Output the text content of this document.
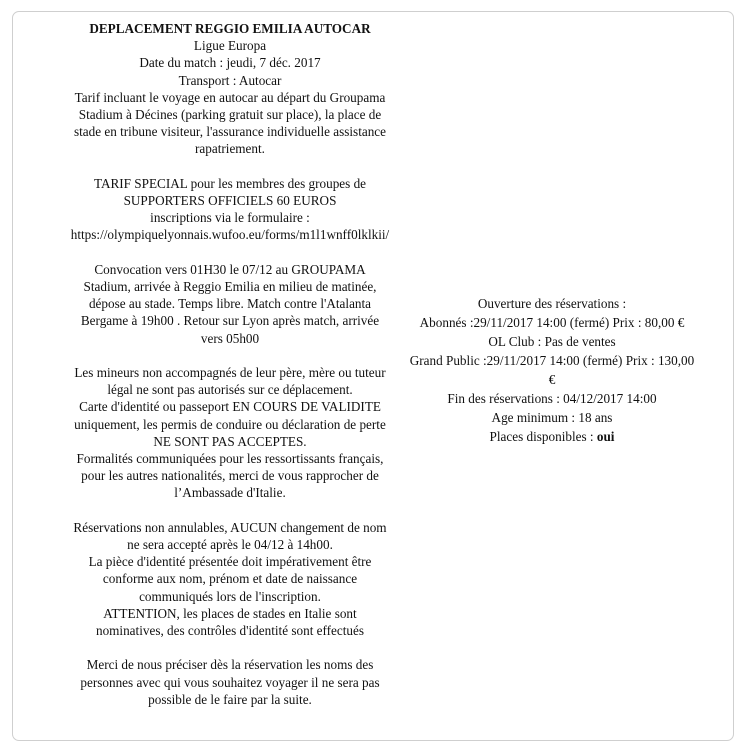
DEPLACEMENT REGGIO EMILIA AUTOCAR
Ligue Europa
Date du match : jeudi, 7 déc. 2017
Transport : Autocar
Tarif incluant le voyage en autocar au départ du Groupama
Stadium à Décines (parking gratuit sur place), la place de
stade en tribune visiteur, l'assurance individuelle assistance
rapatriement.
TARIF SPECIAL pour les membres des groupes de
SUPPORTERS OFFICIELS 60 EUROS
inscriptions via le formulaire :
https://olympiquelyonnais.wufoo.eu/forms/m1l1wnff0lklkii/
Convocation vers 01H30 le 07/12 au GROUPAMA
Stadium, arrivée à Reggio Emilia en milieu de matinée,
dépose au stade. Temps libre. Match contre l'Atalanta
Bergame à 19h00 . Retour sur Lyon après match, arrivée
vers 05h00
Les mineurs non accompagnés de leur père, mère ou tuteur
légal ne sont pas autorisés sur ce déplacement.
Carte d'identité ou passeport EN COURS DE VALIDITE
uniquement, les permis de conduire ou déclaration de perte
NE SONT PAS ACCEPTES.
Formalités communiquées pour les ressortissants français,
pour les autres nationalités, merci de vous rapprocher de
l’Ambassade d'Italie.
Réservations non annulables, AUCUN changement de nom
ne sera accepté après le 04/12 à 14h00.
La pièce d'identité présentée doit impérativement être
conforme aux nom, prénom et date de naissance
communiqués lors de l'inscription.
ATTENTION, les places de stades en Italie sont
nominatives, des contrôles d'identité sont effectués
Merci de nous préciser dès la réservation les noms des
personnes avec qui vous souhaitez voyager il ne sera pas
possible de le faire par la suite.
Ouverture des réservations :
Abonnés :29/11/2017 14:00 (fermé) Prix : 80,00 €
OL Club : Pas de ventes
Grand Public :29/11/2017 14:00 (fermé) Prix : 130,00
€
Fin des réservations : 04/12/2017 14:00
Age minimum : 18 ans
Places disponibles : oui
